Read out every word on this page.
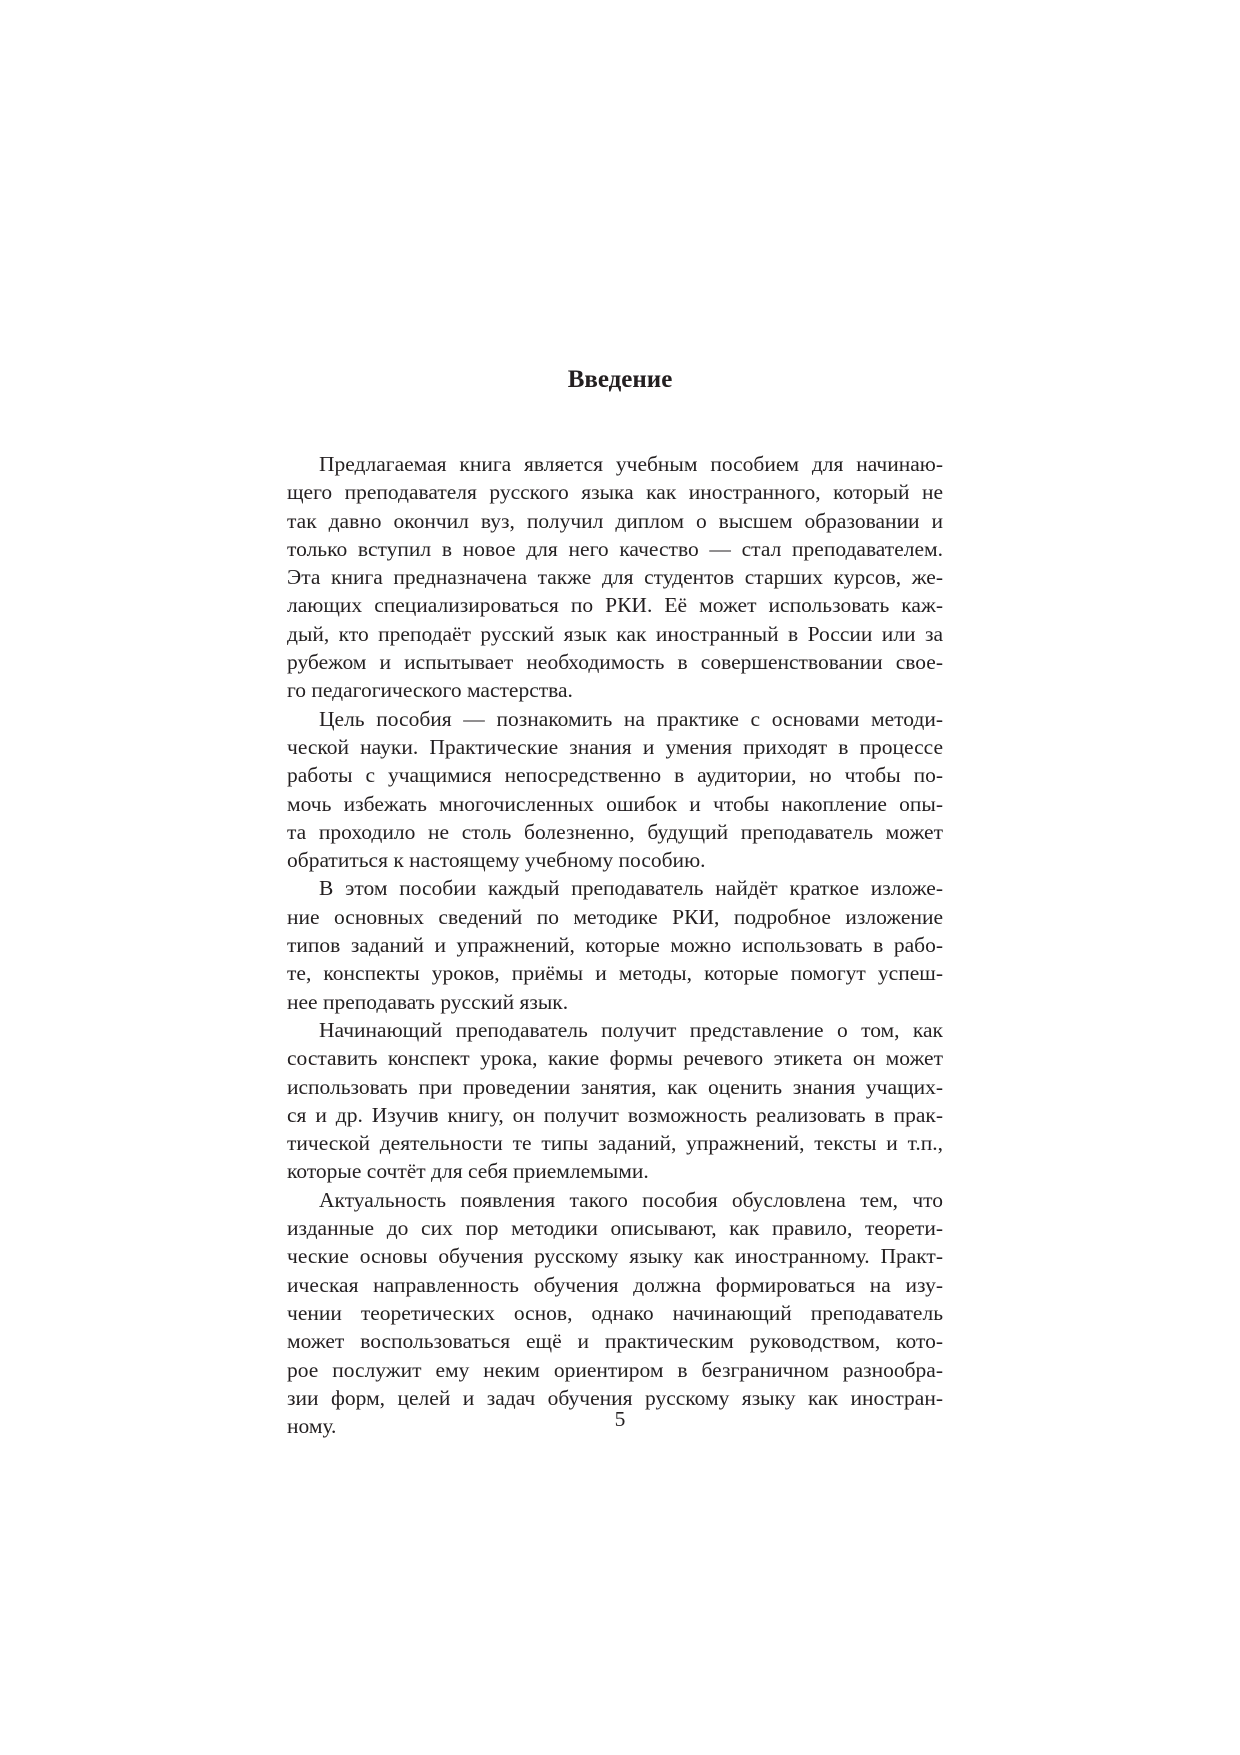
Введение

Предлагаемая книга является учебным пособием для начинаю-
щего преподавателя русского языка как иностранного, который не
так давно окончил вуз, получил диплом о высшем образовании и
только вступил в новое для него качество — стал преподавателем.
Эта книга предназначена также для студентов старших курсов, же-
лающих специализироваться по РКИ. Её может использовать каж-
дый, кто преподаёт русский язык как иностранный в России или за
рубежом и испытывает необходимость в совершенствовании свое-
го педагогического мастерства.

Цель пособия — познакомить на практике с основами методи-
ческой науки. Практические знания и умения приходят в процессе
работы с учащимися непосредственно в аудитории, но чтобы по-
мочь избежать многочисленных ошибок и чтобы накопление опы-
та проходило не столь болезненно, будущий преподаватель может
обратиться к настоящему учебному пособию.

В этом пособии каждый преподаватель найдёт краткое изложе-
ние основных сведений по методике РКИ, подробное изложение
типов заданий и упражнений, которые можно использовать в рабо-
те, конспекты уроков, приёмы и методы, которые помогут успеш-
нее преподавать русский язык.

Начинающий преподаватель получит представление о том, как
составить конспект урока, какие формы речевого этикета он может
использовать при проведении занятия, как оценить знания учащих-
ся и др. Изучив книгу, он получит возможность реализовать в прак-
тической деятельности те типы заданий, упражнений, тексты и т.п.,
которые сочтёт для себя приемлемыми.

Актуальность появления такого пособия обусловлена тем, что
изданные до сих пор методики описывают, как правило, теорети-
ческие основы обучения русскому языку как иностранному. Практ-
ическая направленность обучения должна формироваться на изу-
чении теоретических основ, однако начинающий преподаватель
может воспользоваться ещё и практическим руководством, кото-
рое послужит ему неким ориентиром в безграничном разнообра-
зии форм, целей и задач обучения русскому языку как иностран-
ному.	5
